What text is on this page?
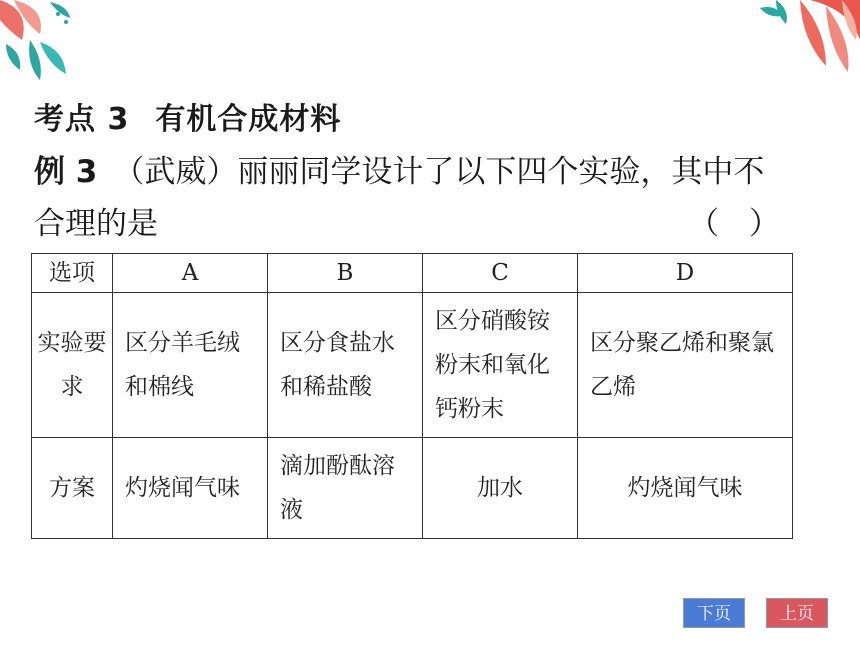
考点 3 有机合成材料
例 3 （武威）丽丽同学设计了以下四个实验，其中不合理的是	（ ）
选项	A	B	C	D
实验要求	区分羊毛绒和棉线	区分食盐水和稀盐酸	区分硝酸铵粉末和氧化钙粉末	区分聚乙烯和聚氯乙烯
方案	灼烧闻气味	滴加酚酞溶液	加水	灼烧闻气味
下页	上页
